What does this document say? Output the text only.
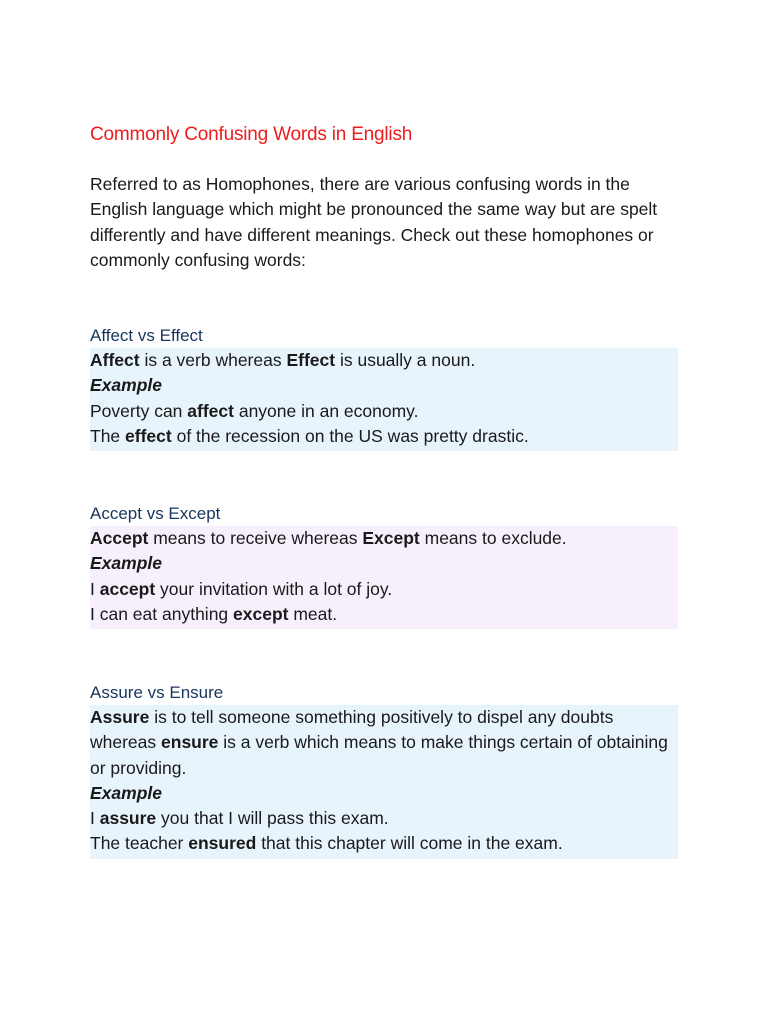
Commonly Confusing Words in English

Referred to as Homophones, there are various confusing words in the English language which might be pronounced the same way but are spelt differently and have different meanings. Check out these homophones or commonly confusing words:

Affect vs Effect

Affect is a verb whereas Effect is usually a noun.

Example

Poverty can affect anyone in an economy.

The effect of the recession on the US was pretty drastic.

Accept vs Except

Accept means to receive whereas Except means to exclude.

Example

I accept your invitation with a lot of joy.

I can eat anything except meat.

Assure vs Ensure

Assure is to tell someone something positively to dispel any doubts whereas ensure is a verb which means to make things certain of obtaining or providing.

Example

I assure you that I will pass this exam.

The teacher ensured that this chapter will come in the exam.
